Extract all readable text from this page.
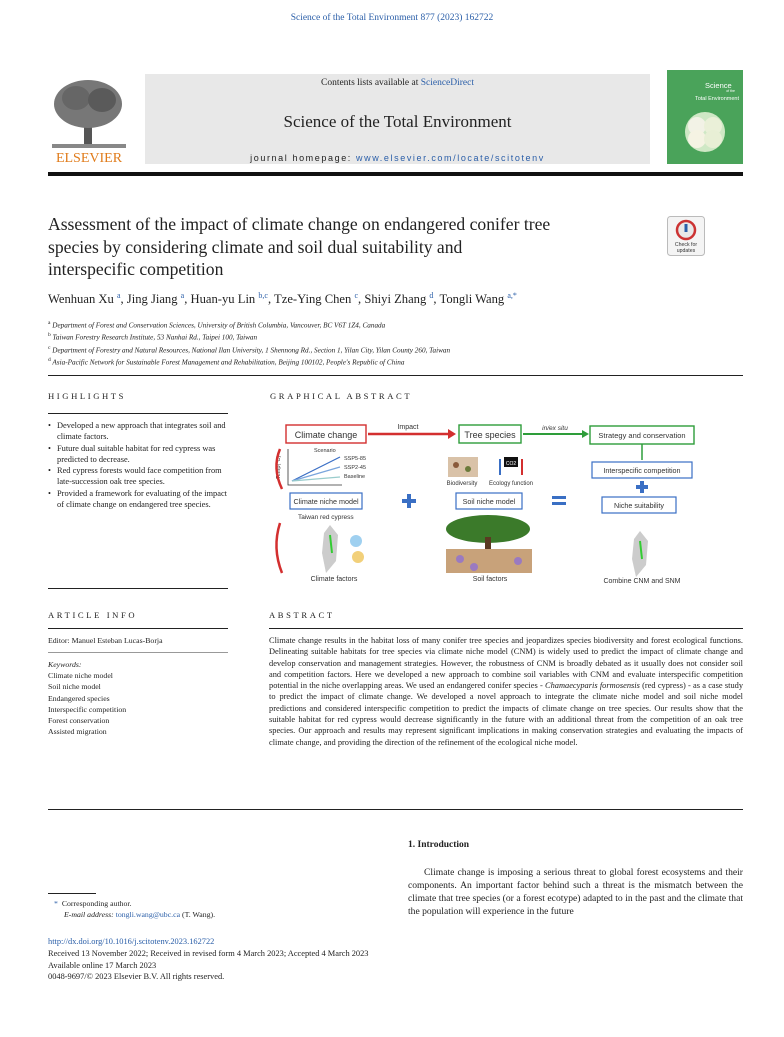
Science of the Total Environment 877 (2023) 162722
ELSEVIER
Contents lists available at ScienceDirect
Science of the Total Environment
journal homepage: www.elsevier.com/locate/scitotenv
Science
of the
Total Environment
Assessment of the impact of climate change on endangered conifer tree
species by considering climate and soil dual suitability and
interspecific competition
Check for
updates
Wenhuan Xu $^a$, Jing Jiang $^a$, Huan-yu Lin $^{b,c}$, Tze-Ying Chen $^c$, Shiyi Zhang $^d$, Tongli Wang $^{a,*}$
$^a$ Department of Forest and Conservation Sciences, University of British Columbia, Vancouver, BC V6T 1Z4, Canada
$^b$ Taiwan Forestry Research Institute, 53 Nanhai Rd., Taipei 100, Taiwan
$^c$ Department of Forestry and Natural Resources, National Ilan University, 1 Shennong Rd., Section 1, Yilan City, Yilan County 260, Taiwan
$^d$ Asia-Pacific Network for Sustainable Forest Management and Rehabilitation, Beijing 100102, People's Republic of China
HIGHLIGHTS
• Developed a new approach that integrates soil and climate factors.
• Future dual suitable habitat for red cypress was predicted to decrease.
• Red cypress forests would face competition from late-succession oak tree species.
• Provided a framework for evaluating of the impact of climate change on endangered tree species.
GRAPHICAL ABSTRACT
Climate change
Impact
Tree species
in/ex situ
Strategy and conservation
Temp(°C)
Scenario
SSP5-85
SSP2-45
Baseline
Biodiversity
CO2
Ecology function
Interspecific competition
Climate niche model	Soil niche model	Niche suitability
Taiwan red cypress
Climate factors	Soil factors	Combine CNM and SNM
ARTICLE INFO
Editor: Manuel Esteban Lucas-Borja
Keywords:
Climate niche model
Soil niche model
Endangered species
Interspecific competition
Forest conservation
Assisted migration
ABSTRACT
Climate change results in the habitat loss of many conifer tree species and jeopardizes species biodiversity and forest ecological functions. Delineating suitable habitats for tree species via climate niche model (CNM) is widely used to predict the impact of climate change and develop conservation and management strategies. However, the robustness of CNM is broadly debated as it usually does not consider soil and competition factors. Here we developed a new approach to combine soil variables with CNM and evaluate interspecific competition potential in the niche overlapping areas. We used an endangered conifer species - Chamaecyparis formosensis (red cypress) - as a case study to predict the impact of climate change. We developed a novel approach to integrate the climate niche model and soil niche model predictions and considered interspecific competition to predict the impacts of climate change on tree species. Our results show that the suitable habitat for red cypress would decrease significantly in the future with an additional threat from the competition of an oak tree species. Our approach and results may represent significant implications in making conservation strategies and evaluating the impacts of climate change, and providing the direction of the refinement of the ecological niche model.
1. Introduction
Climate change is imposing a serious threat to global forest ecosystems and their components. An important factor behind such a threat is the mismatch between the climate that tree species (or a forest ecotype) adapted to in the past and the climate that the population will experience in the future
* Corresponding author.
E-mail address: tongli.wang@ubc.ca (T. Wang).
http://dx.doi.org/10.1016/j.scitotenv.2023.162722
Received 13 November 2022; Received in revised form 4 March 2023; Accepted 4 March 2023
Available online 17 March 2023
0048-9697/© 2023 Elsevier B.V. All rights reserved.
